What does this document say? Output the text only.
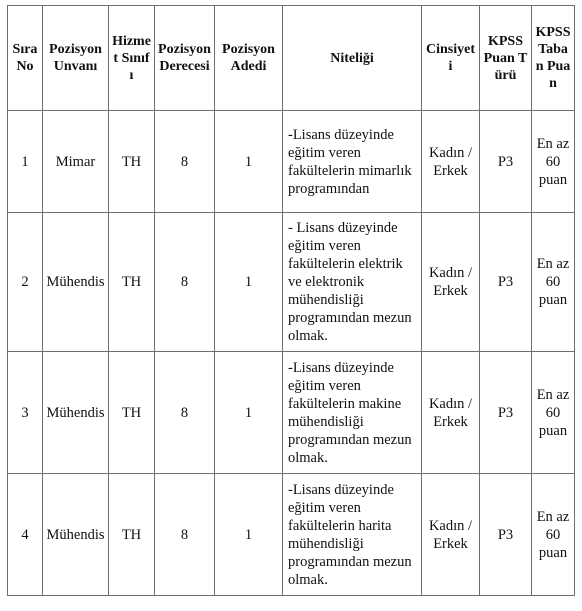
Sıra No	Pozisyon Unvanı	Hizmet Sınıfı	Pozisyon Derecesi	Pozisyon Adedi	Niteliği	Cinsiyeti	KPSS Puan Türü	KPSS Taban Puan

1	Mimar	TH	8	1	-Lisans düzeyinde eğitim veren fakültelerin mimarlık programından	Kadın / Erkek	P3	En az 60 puan

2	Mühendis	TH	8	1	- Lisans düzeyinde eğitim veren fakültelerin elektrik ve elektronik mühendisliği programından mezun olmak.	Kadın / Erkek	P3	En az 60 puan

3	Mühendis	TH	8	1	-Lisans düzeyinde eğitim veren fakültelerin makine mühendisliği programından mezun olmak.	Kadın / Erkek	P3	En az 60 puan

4	Mühendis	TH	8	1	-Lisans düzeyinde eğitim veren fakültelerin harita mühendisliği programından mezun olmak.	Kadın / Erkek	P3	En az 60 puan
